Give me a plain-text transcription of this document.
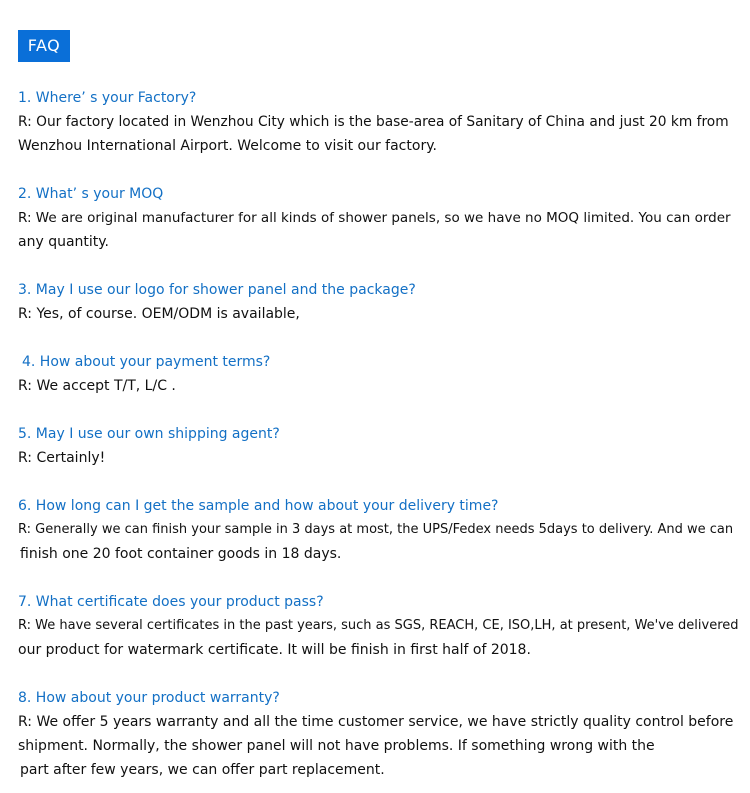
FAQ
1. Where’ s your Factory?

R: Our factory located in Wenzhou City which is the base-area of Sanitary of China and just 20 km from

Wenzhou International Airport. Welcome to visit our factory.

2. What’ s your MOQ

R: We are original manufacturer for all kinds of shower panels, so we have no MOQ limited. You can order

any quantity.

3. May I use our logo for shower panel and the package?

R: Yes, of course. OEM/ODM is available,

4. How about your payment terms?

R: We accept T/T, L/C .

5. May I use our own shipping agent?

R: Certainly!

6. How long can I get the sample and how about your delivery time?

R: Generally we can finish your sample in 3 days at most, the UPS/Fedex needs 5days to delivery. And we can

finish one 20 foot container goods in 18 days.

7. What certificate does your product pass?

R: We have several certificates in the past years, such as SGS, REACH, CE, ISO,LH, at present, We've delivered

our product for watermark certificate. It will be finish in first half of 2018.

8. How about your product warranty?

R: We offer 5 years warranty and all the time customer service, we have strictly quality control before

shipment. Normally, the shower panel will not have problems. If something wrong with the

part after few years, we can offer part replacement.
